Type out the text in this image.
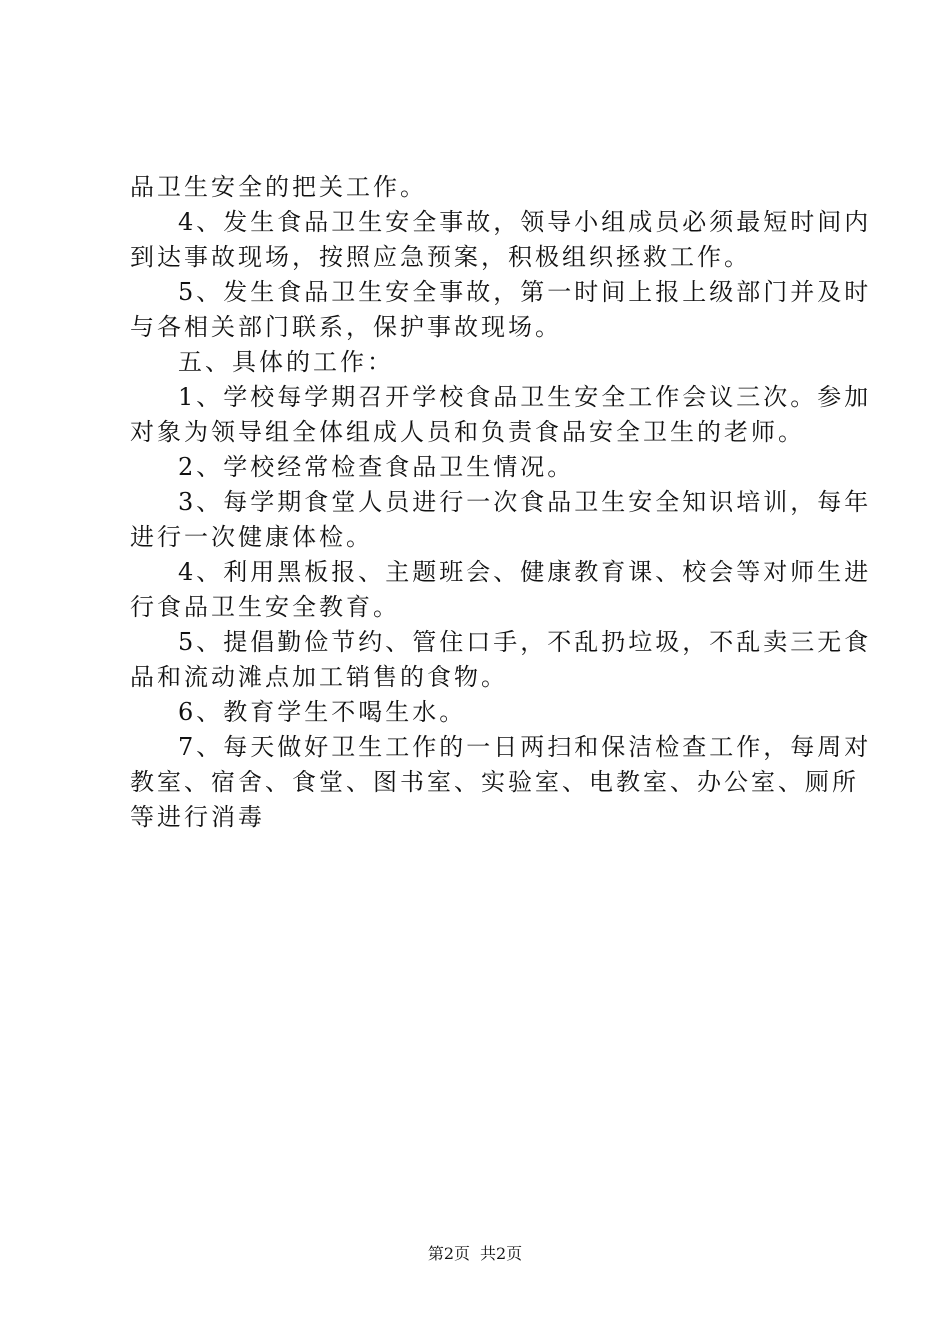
品卫生安全的把关工作。
4、发生食品卫生安全事故，领导小组成员必须最短时间内
到达事故现场，按照应急预案，积极组织拯救工作。
5、发生食品卫生安全事故，第一时间上报上级部门并及时
与各相关部门联系，保护事故现场。
五、具体的工作：
1、学校每学期召开学校食品卫生安全工作会议三次。参加
对象为领导组全体组成人员和负责食品安全卫生的老师。
2、学校经常检查食品卫生情况。
3、每学期食堂人员进行一次食品卫生安全知识培训，每年
进行一次健康体检。
4、利用黑板报、主题班会、健康教育课、校会等对师生进
行食品卫生安全教育。
5、提倡勤俭节约、管住口手，不乱扔垃圾，不乱卖三无食
品和流动滩点加工销售的食物。
6、教育学生不喝生水。
7、每天做好卫生工作的一日两扫和保洁检查工作，每周对
教室、宿舍、食堂、图书室、实验室、电教室、办公室、厕所
等进行消毒
第2页 共2页
